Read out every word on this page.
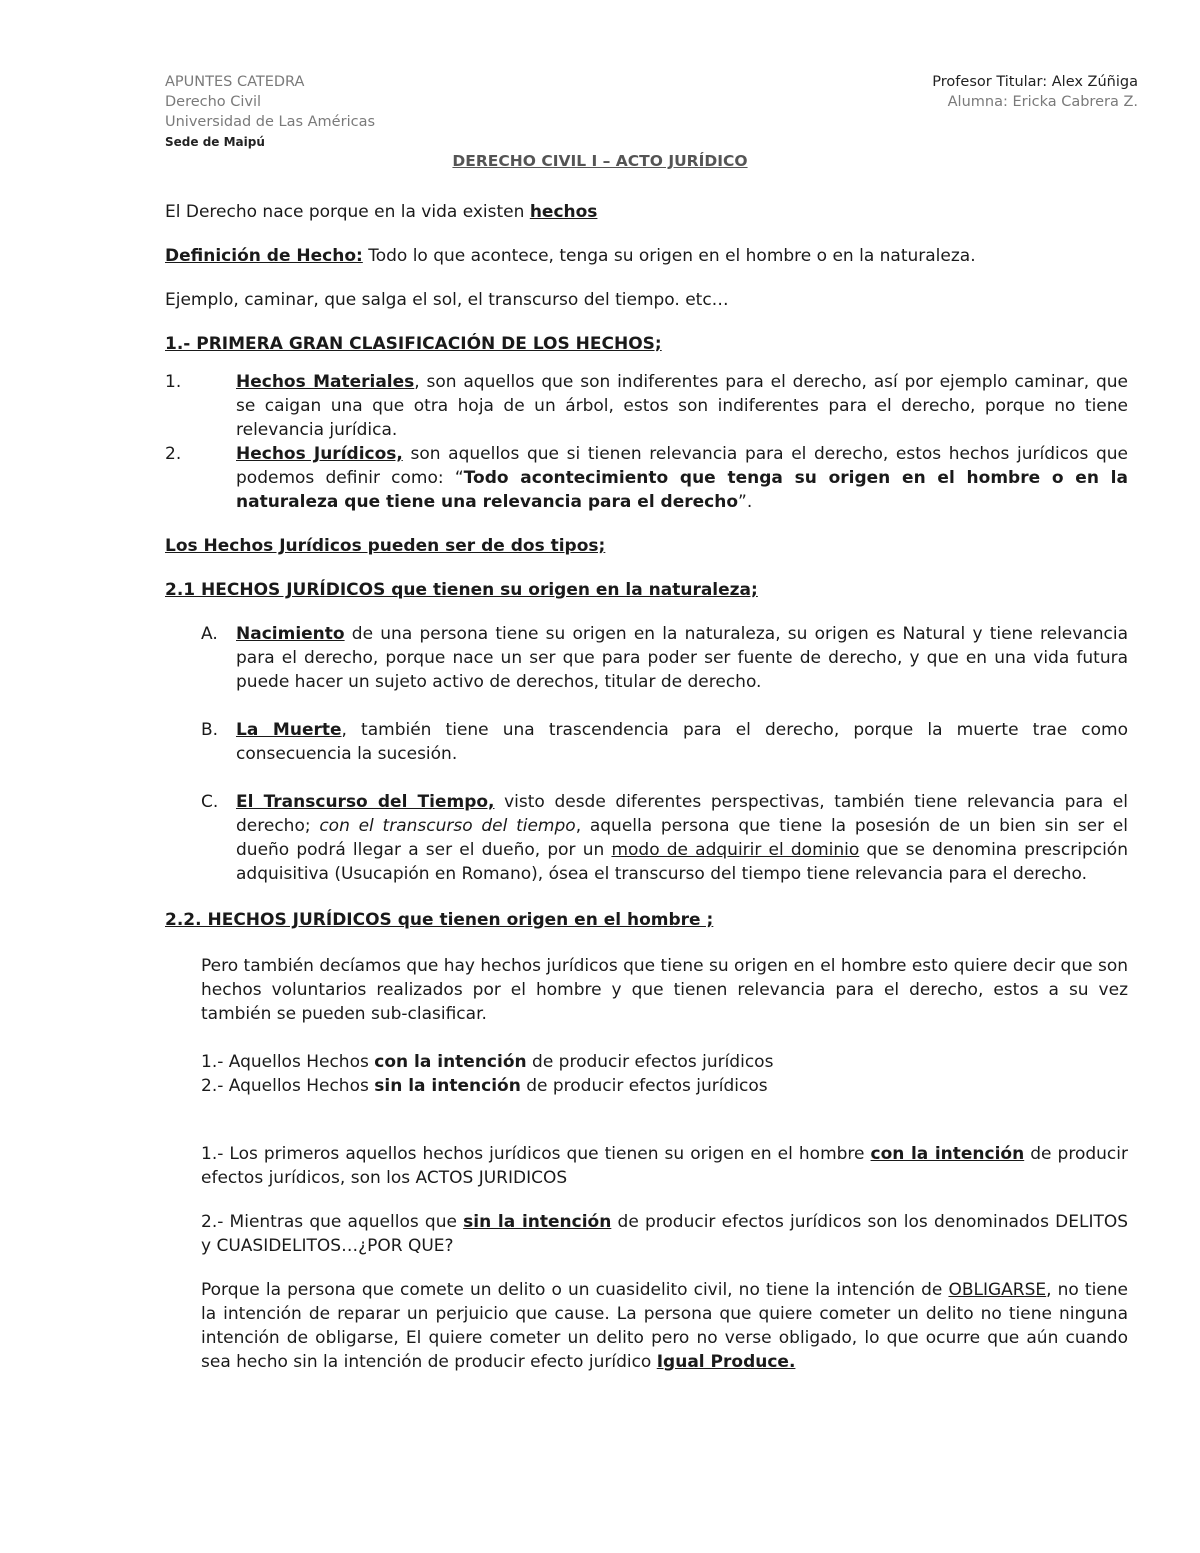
APUNTES CATEDRA
Derecho Civil
Universidad de Las Américas
Sede de Maipú
Profesor Titular: Alex Zúñiga
Alumna: Ericka Cabrera Z.
DERECHO CIVIL I – ACTO JURÍDICO

El Derecho nace porque en la vida existen hechos

Definición de Hecho: Todo lo que acontece, tenga su origen en el hombre o en la naturaleza.

Ejemplo, caminar, que salga el sol, el transcurso del tiempo. etc…

1.- PRIMERA GRAN CLASIFICACIÓN DE LOS HECHOS;

1.	Hechos Materiales, son aquellos que son indiferentes para el derecho, así por ejemplo caminar, que se caigan una que otra hoja de un árbol, estos son indiferentes para el derecho, porque no tiene relevancia jurídica.

2.	Hechos Jurídicos, son aquellos que si tienen relevancia para el derecho, estos hechos jurídicos que podemos definir como: “Todo acontecimiento que tenga su origen en el hombre o en la naturaleza que tiene una relevancia para el derecho”.

Los Hechos Jurídicos pueden ser de dos tipos;

2.1 HECHOS JURÍDICOS que tienen su origen en la naturaleza;

A. Nacimiento de una persona tiene su origen en la naturaleza, su origen es Natural y tiene relevancia para el derecho, porque nace un ser que para poder ser fuente de derecho, y que en una vida futura puede hacer un sujeto activo de derechos, titular de derecho.

B. La Muerte, también tiene una trascendencia para el derecho, porque la muerte trae como consecuencia la sucesión.

C. El Transcurso del Tiempo, visto desde diferentes perspectivas, también tiene relevancia para el derecho; con el transcurso del tiempo, aquella persona que tiene la posesión de un bien sin ser el dueño podrá llegar a ser el dueño, por un modo de adquirir el dominio que se denomina prescripción adquisitiva (Usucapión en Romano), ósea el transcurso del tiempo tiene relevancia para el derecho.

2.2. HECHOS JURÍDICOS que tienen origen en el hombre ;

Pero también decíamos que hay hechos jurídicos que tiene su origen en el hombre esto quiere decir que son hechos voluntarios realizados por el hombre y que tienen relevancia para el derecho, estos a su vez también se pueden sub-clasificar.

1.- Aquellos Hechos con la intención de producir efectos jurídicos

2.- Aquellos Hechos sin la intención de producir efectos jurídicos

1.- Los primeros aquellos hechos jurídicos que tienen su origen en el hombre con la intención de producir efectos jurídicos, son los ACTOS JURIDICOS

2.- Mientras que aquellos que sin la intención de producir efectos jurídicos son los denominados DELITOS y CUASIDELITOS…¿POR QUE?

Porque la persona que comete un delito o un cuasidelito civil, no tiene la intención de OBLIGARSE, no tiene la intención de reparar un perjuicio que cause. La persona que quiere cometer un delito no tiene ninguna intención de obligarse, El quiere cometer un delito pero no verse obligado, lo que ocurre que aún cuando sea hecho sin la intención de producir efecto jurídico Igual Produce.
